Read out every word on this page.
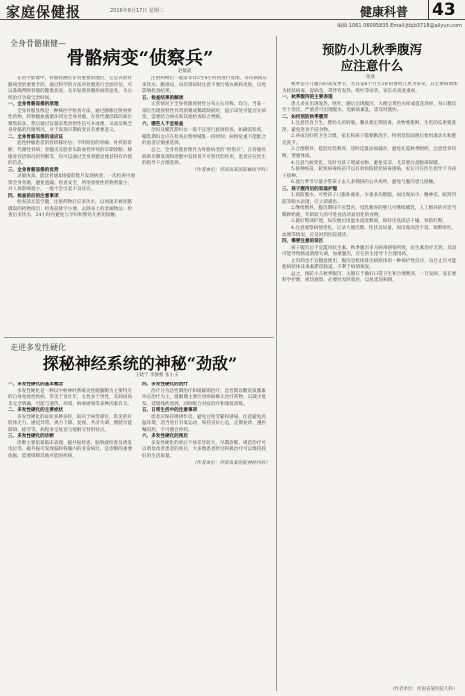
家庭保健报	2016年8月17日 星期三	健康科普 43
编辑:1061 06095835 Email:jtbjb3718@aliyun.com
全身骨骼康健—
骨骼病变“侦察兵”
赵敏霞

在医学影像中，骨骼检测有非常重要的地位，它是识别骨骼病变的重要手段，通过科学的方法对骨骼进行全面评估，可以准确判断骨骼的健康状况，及早发现骨骼疾病的征兆，为后续治疗争取宝贵时间。

一、全身骨骼显像的原理

全身骨骼显像是一种核医学检查方法，通过静脉注射放射性药物，药物随血液循环到达全身骨骼，在骨代谢活跃的部位聚集较多，然后通过仪器采集放射性信号并成像，从而反映全身骨骼的代谢情况，对于发现早期病变具有重要意义。

二、全身骨骼显像的适应证

恶性肿瘤患者的骨转移评估；不明原因的骨痛；骨折的诊断；代谢性骨病；骨髓炎及股骨头缺血性坏死的早期诊断；移植骨存活情况的判断等，均可以通过全身骨骼显像获得有价值的信息。

三、全身骨骼显像的优势

灵敏度高，能比普通X线提前数月发现病变；一次检查可观察全身骨骼，避免遗漏；检查安全，所用放射性药物剂量小，对人体影响很小，一般不会引起不良反应。

四、检查前后的注意事项

检查前无需空腹，注射药物后应多饮水，以加速未被骨骼摄取的药物排出；检查前排空小便，去除身上的金属物品；检查后多饮水，24小时内避免与孕妇和婴幼儿密切接触。

注射药物后一般需等待2至4小时再进行显像，等待期间应多饮水、勤排尿，每次排尿时注意不要污染衣裤和皮肤，以免影响检查结果。

五、检查结果的解读

正常情况下全身骨骼放射性分布左右对称、均匀，当某一部位出现放射性异常浓聚或稀疏缺损时，提示该处可能存在病变，需要结合病史和其他检查综合判断。

六、哪些人不宜检查

孕妇及哺乳期妇女一般不宜进行此项检查，如确需检查，哺乳期妇女应在检查后暂停哺乳一段时间；病情危重不能配合的患者应慎重选择。

总之，全身骨骼显像作为骨骼病变的“侦察兵”，在骨骼疾病的早期发现和诊断中发挥着不可替代的作用，患者应在医生的指导下合理选择。

（作者单位：河南省某医院核医学科）

走进多发性硬化
探秘神经系统的神秘“劲敌”
王晓宁 李静雅 张小玉

一、多发性硬化的基本概念

多发性硬化是一种以中枢神经系统炎性脱髓鞘为主要特点的自身免疫性疾病，常见于青壮年，女性多于男性，其病因尚未完全明确，可能与遗传、环境、病毒感染等多种因素有关。

二、多发性硬化的主要症状

多发性硬化的症状多种多样，取决于病变部位，常见的有肢体无力、感觉异常、视力下降、复视、共济失调、膀胱功能障碍、疲劳等，病程多呈复发与缓解交替的特点。

三、多发性硬化的诊断

诊断主要依靠临床表现、磁共振检查、脑脊液检查及诱发电位等，磁共振可发现脑和脊髓内的多发病灶，是诊断的重要依据，需要排除其他可能的疾病。

四、多发性硬化的治疗

治疗分为急性期治疗和缓解期治疗，急性期以糖皮质激素冲击治疗为主，缓解期主要应用疾病修正治疗药物，以减少复发、延缓残疾进展，同时配合对症治疗和康复训练。

五、日常生活中的注意事项

患者应保持规律作息，避免过度劳累和感染，注意避免高温环境，适当进行有氧运动，保持良好心态，定期复诊，遵医嘱用药，不可擅自停药。

六、多发性硬化的预后

多发性硬化的预后个体差异较大，早期诊断、规范治疗可以明显改善患者的预后，大多数患者经过积极治疗可以维持较好的生活质量。

（作者单位：河南省某医院神经内科）

预防小儿秋季腹泻
应注意什么
张燕

秋季是小儿腹泻的高发季节，尤其是6个月至2岁的婴幼儿更为多见，其主要病原体为轮状病毒，起病急，常伴有发热、呕吐等症状，家长应高度重视。

一、秋季腹泻的主要表现

患儿多先出现发热、呕吐，随后出现腹泻，大便呈黄色水样或蛋花汤样，每日数次至十余次，严重者可出现脱水、电解质紊乱，需及时就医。

二、如何预防秋季腹泻

1.注意饮食卫生，婴幼儿的奶瓶、餐具要定期消毒，食物要新鲜，生吃的瓜果要洗净，避免进食不洁食物。

2.养成良好的卫生习惯，家长和孩子都要勤洗手，特别是饭前便后要用流动水和肥皂洗手。

3.合理喂养，提倡母乳喂养，适时适量添加辅食，避免在夏秋季断奶，注意营养均衡，增强体质。

4.注意气候变化，及时为孩子增减衣物，避免受凉，尤其要注意腹部保暖。

5.接种疫苗，轮状病毒疫苗可以有效预防轮状病毒感染，家长可在医生指导下为孩子接种。

6.流行季节尽量少带孩子去人多拥挤的公共场所，避免与腹泻患儿接触。

三、孩子腹泻后的家庭护理

1.预防脱水，可给孩子口服补液盐，少量多次喂服，如出现尿少、精神差、眼窝凹陷等脱水表现，应立即就医。

2.继续喂养，腹泻期间不应禁食，母乳喂养的婴儿可继续哺乳，人工喂养的可适当稀释奶液，年龄较大的可进食清淡易消化的食物。

3.做好臀部护理，每次便后用温水清洗臀部，保持皮肤清洁干燥，预防红臀。

4.注意观察病情变化，记录大便次数、性状及尿量，如出现高热不退、频繁呕吐、血便等情况，应及时到医院就诊。

四、需要注意的误区

孩子腹泻后不宜滥用抗生素，秋季腹泻多为病毒感染所致，抗生素治疗无效，反而可能导致肠道菌群失调，加重腹泻，应在医生指导下合理用药。

止泻药也不宜随意使用，腹泻是机体排出病原体的一种保护性反应，盲目止泻可能使病原体及毒素滞留肠道，不利于病情恢复。

总之，预防小儿秋季腹泻，关键在于做好日常卫生和合理喂养，一旦发病，家长要科学护理，密切观察，必要时及时就医，以免延误病情。

（作者单位：河南省某医院儿科）
